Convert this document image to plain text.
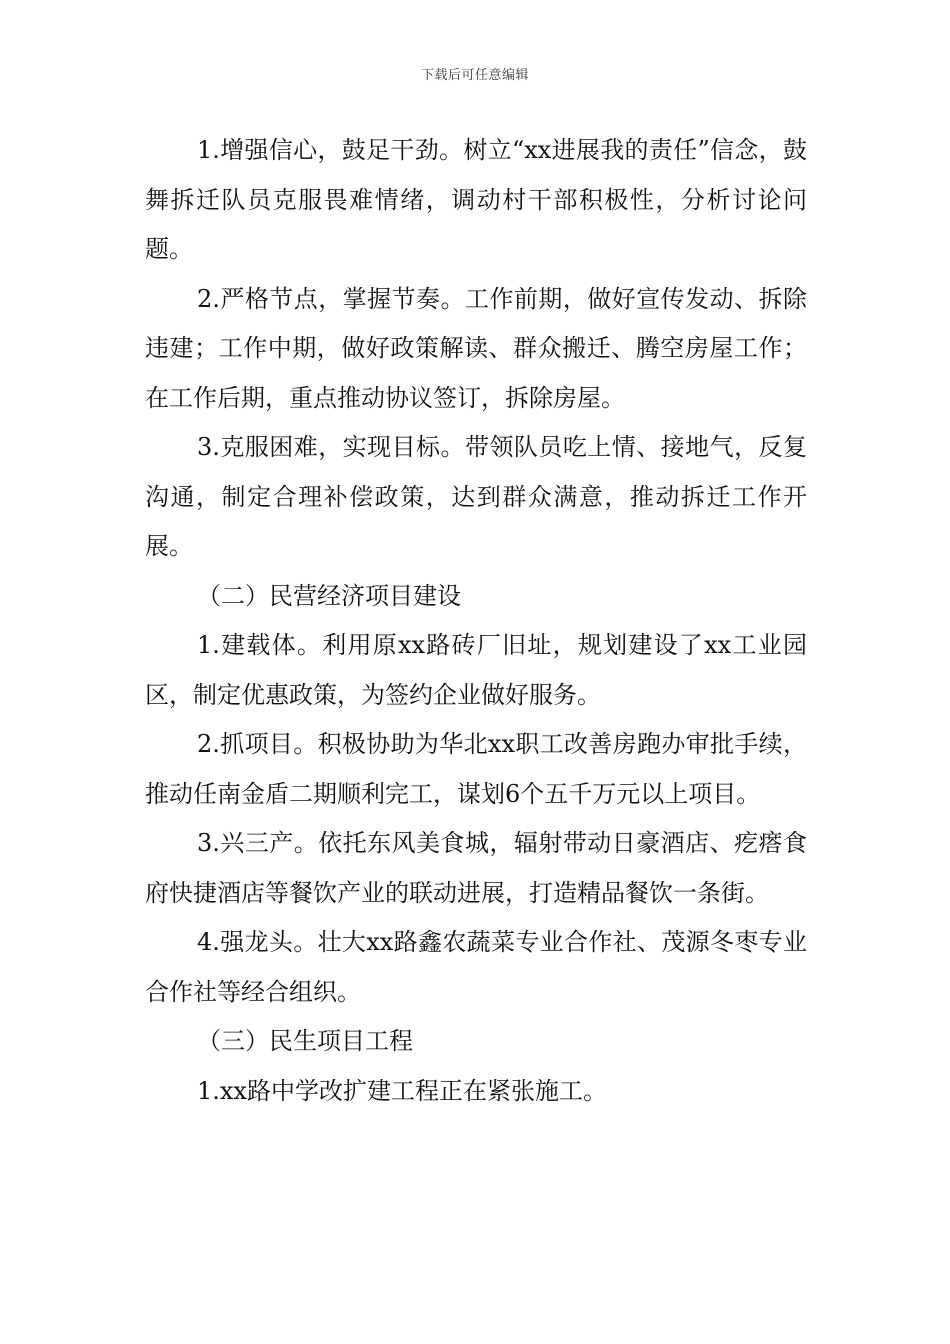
下载后可任意编辑

1.增强信心，鼓足干劲。树立“xx进展我的责任”信念，鼓舞拆迁队员克服畏难情绪，调动村干部积极性，分析讨论问题。

2.严格节点，掌握节奏。工作前期，做好宣传发动、拆除违建；工作中期，做好政策解读、群众搬迁、腾空房屋工作；在工作后期，重点推动协议签订，拆除房屋。

3.克服困难，实现目标。带领队员吃上情、接地气，反复沟通，制定合理补偿政策，达到群众满意，推动拆迁工作开展。

（二）民营经济项目建设

1.建载体。利用原xx路砖厂旧址，规划建设了xx工业园区，制定优惠政策，为签约企业做好服务。

2.抓项目。积极协助为华北xx职工改善房跑办审批手续，推动任南金盾二期顺利完工，谋划6个五千万元以上项目。

3.兴三产。依托东风美食城，辐射带动日豪酒店、疙瘩食府快捷酒店等餐饮产业的联动进展，打造精品餐饮一条街。

4.强龙头。壮大xx路鑫农蔬菜专业合作社、茂源冬枣专业合作社等经合组织。

（三）民生项目工程

1.xx路中学改扩建工程正在紧张施工。
